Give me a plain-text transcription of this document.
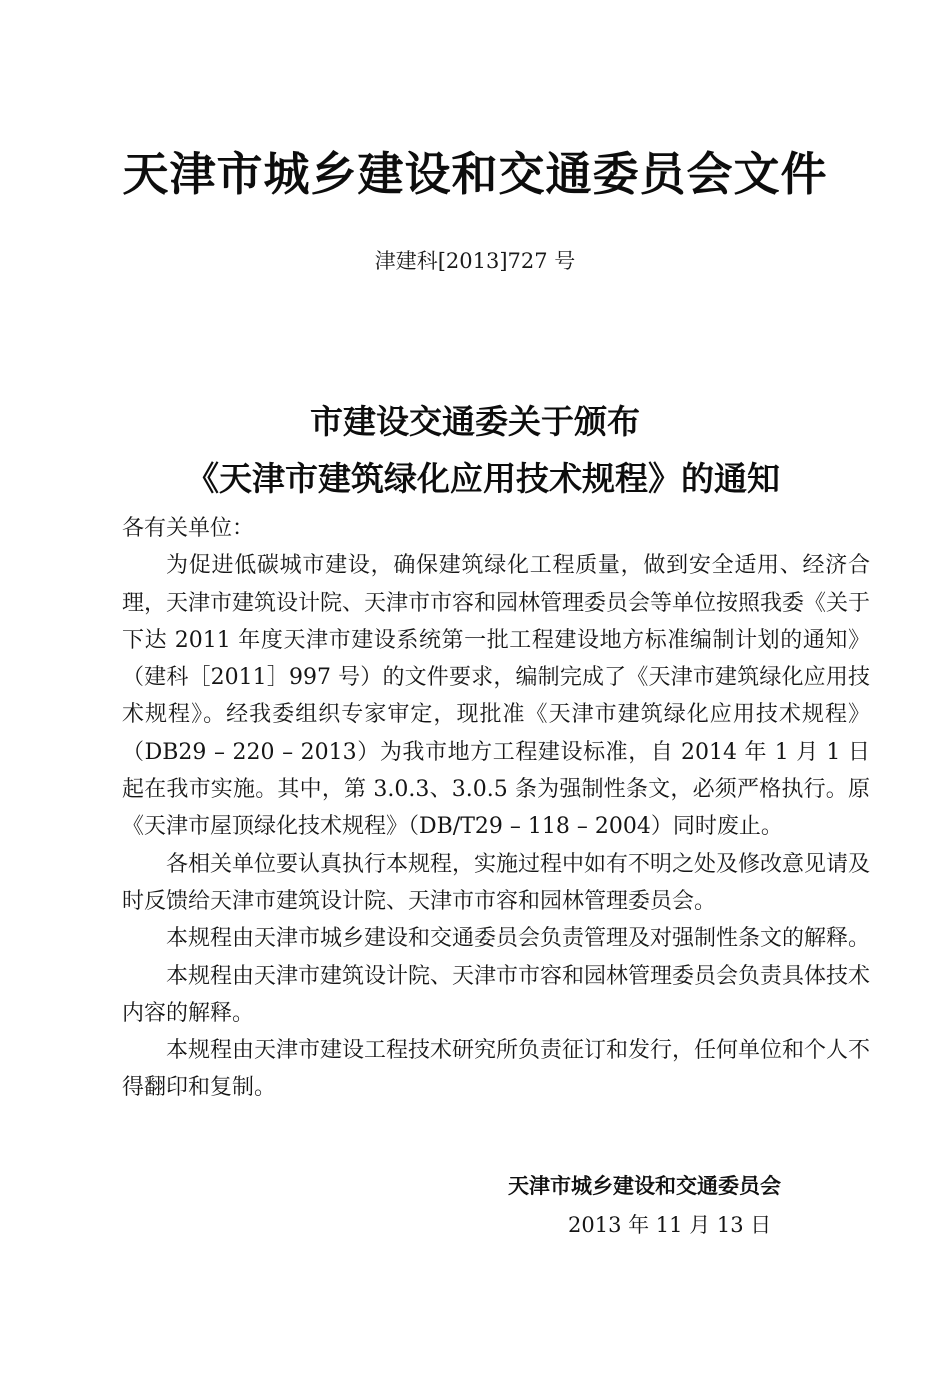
天津市城乡建设和交通委员会文件
津建科[2013]727 号
市建设交通委关于颁布
《天津市建筑绿化应用技术规程》的通知

各有关单位：

为促进低碳城市建设，确保建筑绿化工程质量，做到安全适用、经济合理，天津市建筑设计院、天津市市容和园林管理委员会等单位按照我委《关于下达 2011 年度天津市建设系统第一批工程建设地方标准编制计划的通知》（建科［2011］997 号）的文件要求，编制完成了《天津市建筑绿化应用技术规程》。经我委组织专家审定，现批准《天津市建筑绿化应用技术规程》（DB29 – 220 – 2013）为我市地方工程建设标准，自 2014 年 1 月 1 日起在我市实施。其中，第 3.0.3、3.0.5 条为强制性条文，必须严格执行。原《天津市屋顶绿化技术规程》（DB/T29 – 118 – 2004）同时废止。

各相关单位要认真执行本规程，实施过程中如有不明之处及修改意见请及时反馈给天津市建筑设计院、天津市市容和园林管理委员会。

本规程由天津市城乡建设和交通委员会负责管理及对强制性条文的解释。

本规程由天津市建筑设计院、天津市市容和园林管理委员会负责具体技术内容的解释。

本规程由天津市建设工程技术研究所负责征订和发行，任何单位和个人不得翻印和复制。

天津市城乡建设和交通委员会
2013 年 11 月 13 日
